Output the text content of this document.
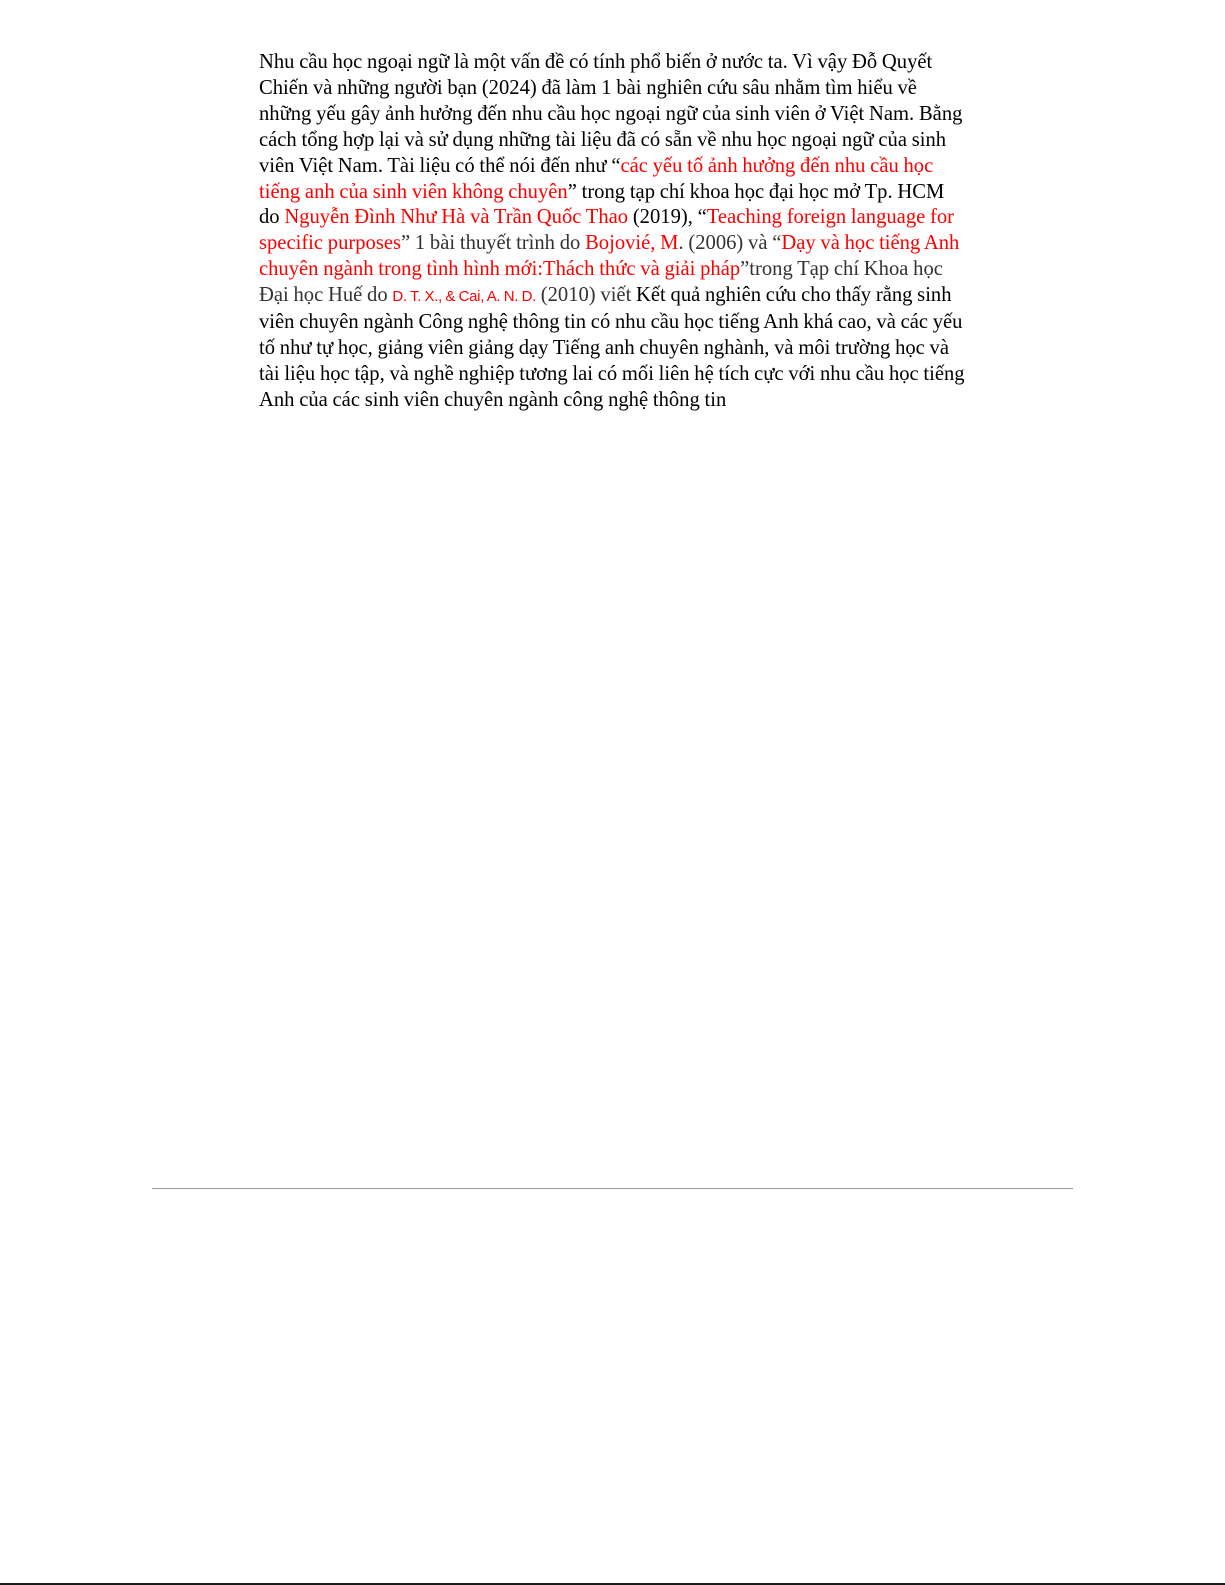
Nhu cầu học ngoại ngữ là một vấn đề có tính phổ biến ở nước ta. Vì vậy Đỗ Quyết Chiến và những người bạn (2024) đã làm 1 bài nghiên cứu sâu nhằm tìm hiểu về những yếu gây ảnh hưởng đến nhu cầu học ngoại ngữ của sinh viên ở Việt Nam. Bằng cách tổng hợp lại và sử dụng những tài liệu đã có sẵn về nhu học ngoại ngữ của sinh viên Việt Nam. Tài liệu có thể nói đến như “các yếu tố ảnh hưởng đến nhu cầu học tiếng anh của sinh viên không chuyên” trong tạp chí khoa học đại học mở Tp. HCM do Nguyễn Đình Như Hà và Trần Quốc Thao (2019), “Teaching foreign language for specific purposes” 1 bài thuyết trình do Bojovié, M. (2006) và “Dạy và học tiếng Anh chuyên ngành trong tình hình mới:Thách thức và giải pháp”trong Tạp chí Khoa học Đại học Huế do D. T. X., & Cai, A. N. D. (2010) viết Kết quả nghiên cứu cho thấy rằng sinh viên chuyên ngành Công nghệ thông tin có nhu cầu học tiếng Anh khá cao, và các yếu tố như tự học, giảng viên giảng dạy Tiếng anh chuyên nghành, và môi trường học và tài liệu học tập, và nghề nghiệp tương lai có mối liên hệ tích cực với nhu cầu học tiếng Anh của các sinh viên chuyên ngành công nghệ thông tin
